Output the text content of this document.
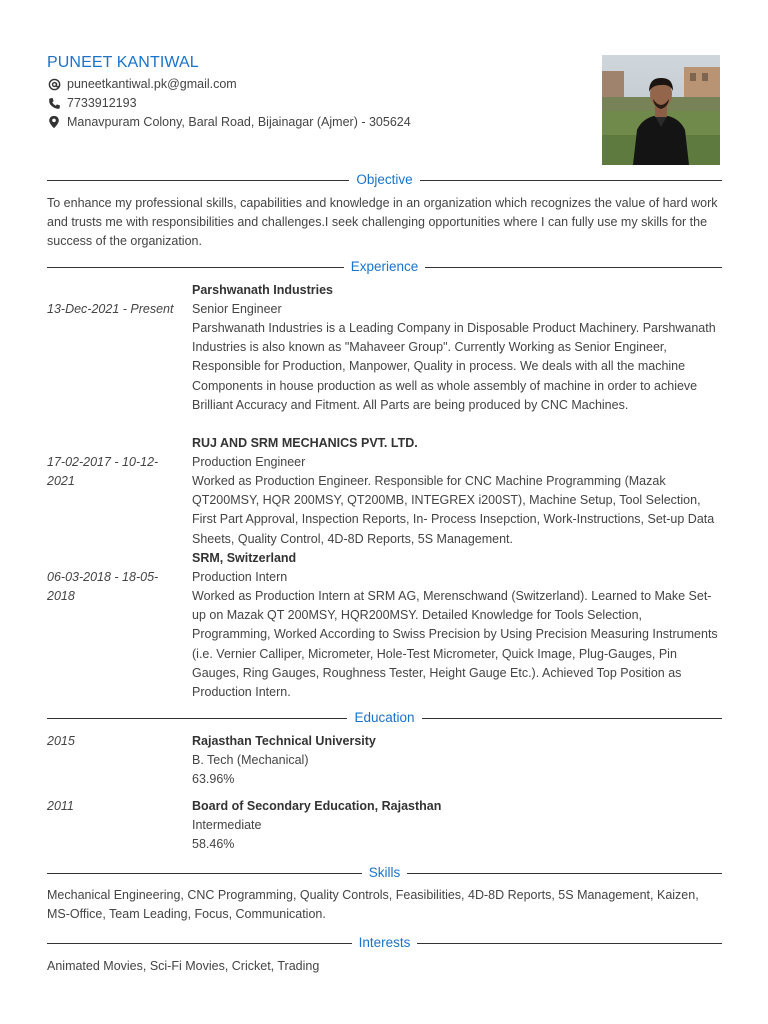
PUNEET KANTIWAL
puneetkantiwal.pk@gmail.com
7733912193
Manavpuram Colony, Baral Road, Bijainagar (Ajmer) - 305624
Objective
To enhance my professional skills, capabilities and knowledge in an organization which recognizes the value of hard work and trusts me with responsibilities and challenges.I seek challenging opportunities where I can fully use my skills for the success of the organization.
Experience
Parshwanath Industries
13-Dec-2021 - Present	Senior Engineer
Parshwanath Industries is a Leading Company in Disposable Product Machinery. Parshwanath Industries is also known as "Mahaveer Group". Currently Working as Senior Engineer, Responsible for Production, Manpower, Quality in process. We deals with all the machine Components in house production as well as whole assembly of machine in order to achieve Brilliant Accuracy and Fitment. All Parts are being produced by CNC Machines.
RUJ AND SRM MECHANICS PVT. LTD.
17-02-2017 - 10-12-2021
Production Engineer
Worked as Production Engineer. Responsible for CNC Machine Programming (Mazak QT200MSY, HQR 200MSY, QT200MB, INTEGREX i200ST), Machine Setup, Tool Selection, First Part Approval, Inspection Reports, In- Process Insepction, Work-Instructions, Set-up Data Sheets, Quality Control, 4D-8D Reports, 5S Management.
SRM, Switzerland
06-03-2018 - 18-05-2018
Production Intern
Worked as Production Intern at SRM AG, Merenschwand (Switzerland). Learned to Make Set-up on Mazak QT 200MSY, HQR200MSY. Detailed Knowledge for Tools Selection, Programming, Worked According to Swiss Precision by Using Precision Measuring Instruments (i.e. Vernier Calliper, Micrometer, Hole-Test Micrometer, Quick Image, Plug-Gauges, Pin Gauges, Ring Gauges, Roughness Tester, Height Gauge Etc.). Achieved Top Position as Production Intern.
Education
2015	Rajasthan Technical University
B. Tech (Mechanical)
63.96%
2011	Board of Secondary Education, Rajasthan
Intermediate
58.46%
Skills
Mechanical Engineering, CNC Programming, Quality Controls, Feasibilities, 4D-8D Reports, 5S Management, Kaizen, MS-Office, Team Leading, Focus, Communication.
Interests
Animated Movies, Sci-Fi Movies, Cricket, Trading
